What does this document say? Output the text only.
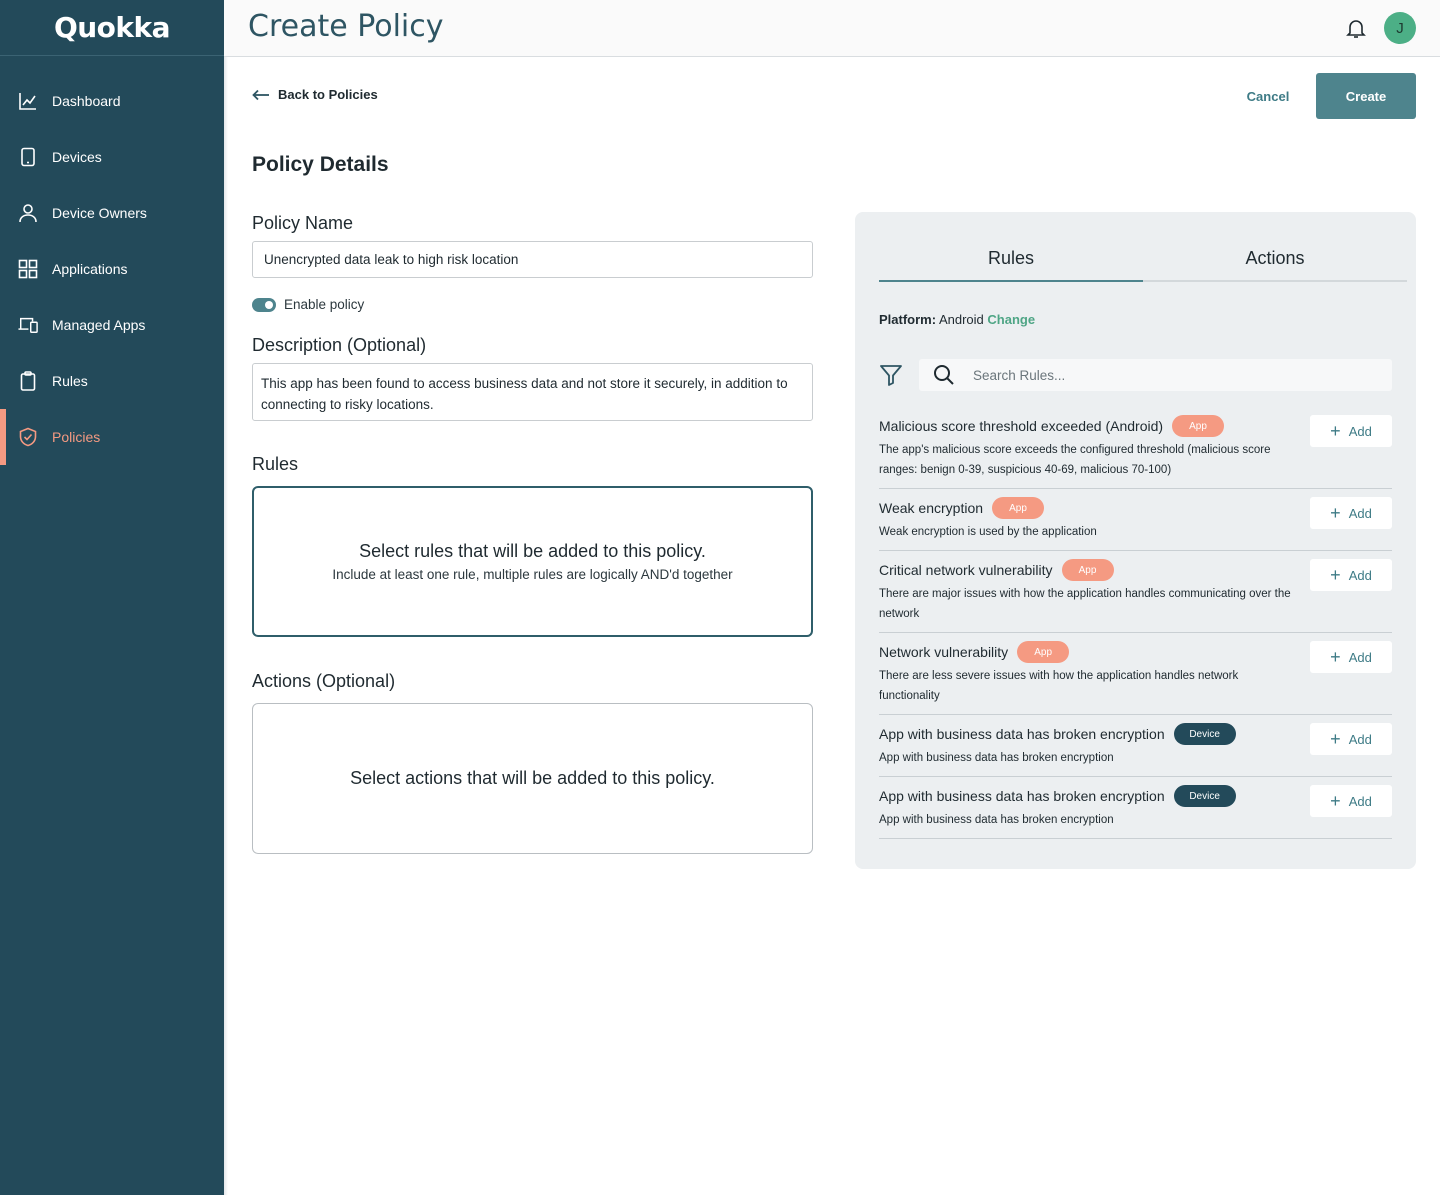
Quokka
Dashboard
Devices
Device Owners
Applications
Managed Apps
Rules
Policies
Create Policy	J
Back to Policies	Cancel	Create
Policy Details
Policy Name
Unencrypted data leak to high risk location
Enable policy
Description (Optional)
This app has been found to access business data and not store it securely, in addition to connecting to risky locations.
Rules
Select rules that will be added to this policy.
Include at least one rule, multiple rules are logically AND'd together
Actions (Optional)
Select actions that will be added to this policy.
Rules	Actions
Platform: Android Change
Search Rules...
Malicious score threshold exceeded (Android)	App
The app's malicious score exceeds the configured threshold (malicious score ranges: benign 0-39, suspicious 40-69, malicious 70-100)
+ Add
Weak encryption	App
Weak encryption is used by the application
+ Add
Critical network vulnerability	App
There are major issues with how the application handles communicating over the network
+ Add
Network vulnerability	App
There are less severe issues with how the application handles network functionality
+ Add
App with business data has broken encryption	Device
App with business data has broken encryption
+ Add
App with business data has broken encryption	Device
App with business data has broken encryption
+ Add
